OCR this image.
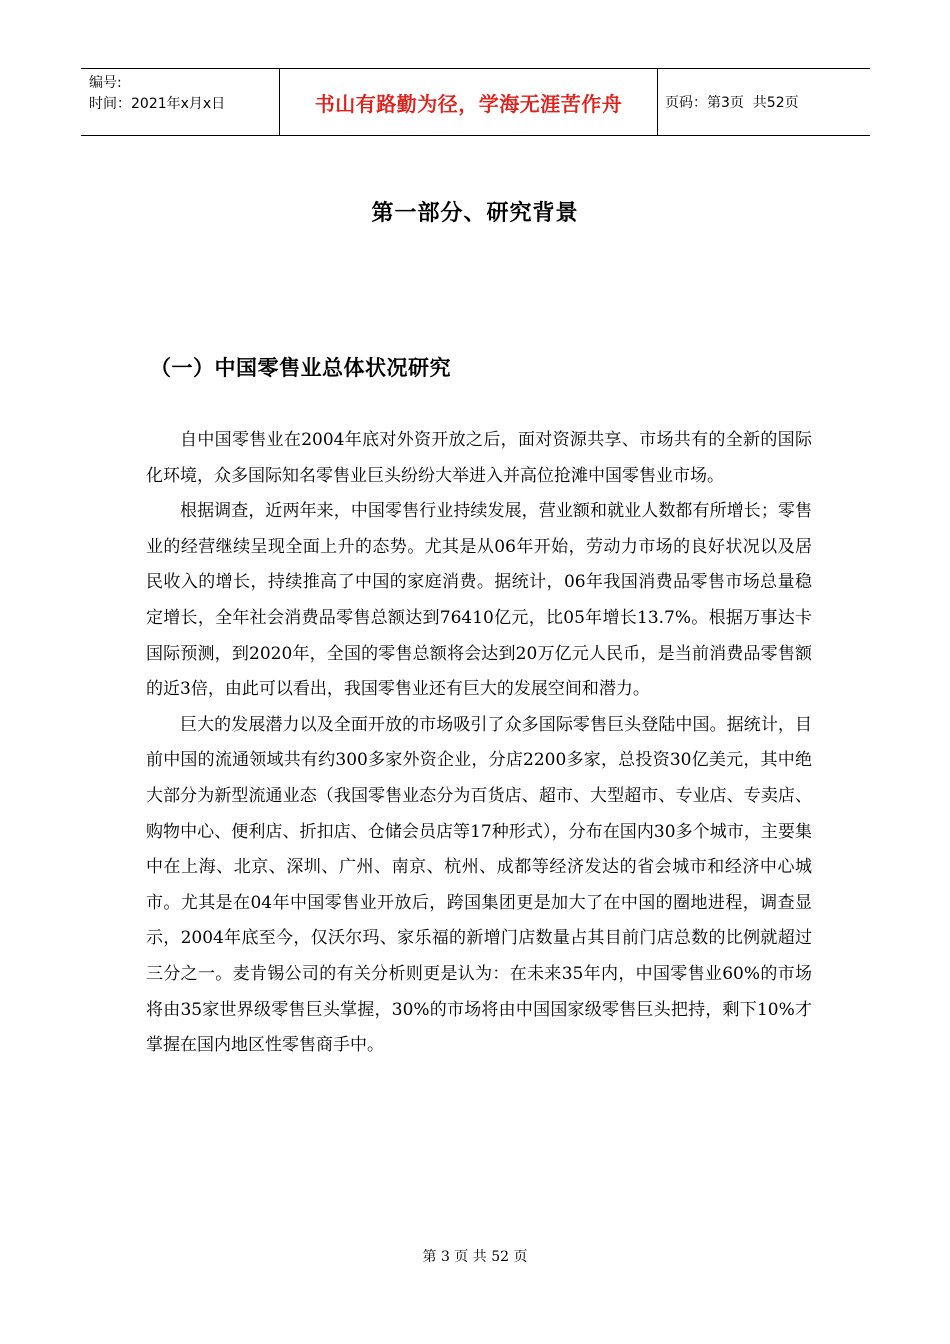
编号:
时间：2021年x月x日	书山有路勤为径，学海无涯苦作舟	页码：第3页  共52页
第一部分、研究背景
（一）中国零售业总体状况研究

自中国零售业在2004年底对外资开放之后，面对资源共享、市场共有的全新的国际化环境，众多国际知名零售业巨头纷纷大举进入并高位抢滩中国零售业市场。

根据调查，近两年来，中国零售行业持续发展，营业额和就业人数都有所增长；零售业的经营继续呈现全面上升的态势。尤其是从06年开始，劳动力市场的良好状况以及居民收入的增长，持续推高了中国的家庭消费。据统计，06年我国消费品零售市场总量稳定增长，全年社会消费品零售总额达到76410亿元，比05年增长13.7%。根据万事达卡国际预测，到2020年，全国的零售总额将会达到20万亿元人民币，是当前消费品零售额的近3倍，由此可以看出，我国零售业还有巨大的发展空间和潜力。

巨大的发展潜力以及全面开放的市场吸引了众多国际零售巨头登陆中国。据统计，目前中国的流通领域共有约300多家外资企业，分店2200多家，总投资30亿美元，其中绝大部分为新型流通业态（我国零售业态分为百货店、超市、大型超市、专业店、专卖店、购物中心、便利店、折扣店、仓储会员店等17种形式），分布在国内30多个城市，主要集中在上海、北京、深圳、广州、南京、杭州、成都等经济发达的省会城市和经济中心城市。尤其是在04年中国零售业开放后，跨国集团更是加大了在中国的圈地进程，调查显示，2004年底至今，仅沃尔玛、家乐福的新增门店数量占其目前门店总数的比例就超过三分之一。麦肯锡公司的有关分析则更是认为：在未来35年内，中国零售业60%的市场将由35家世界级零售巨头掌握，30%的市场将由中国国家级零售巨头把持，剩下10%才掌握在国内地区性零售商手中。

第 3 页 共 52 页
